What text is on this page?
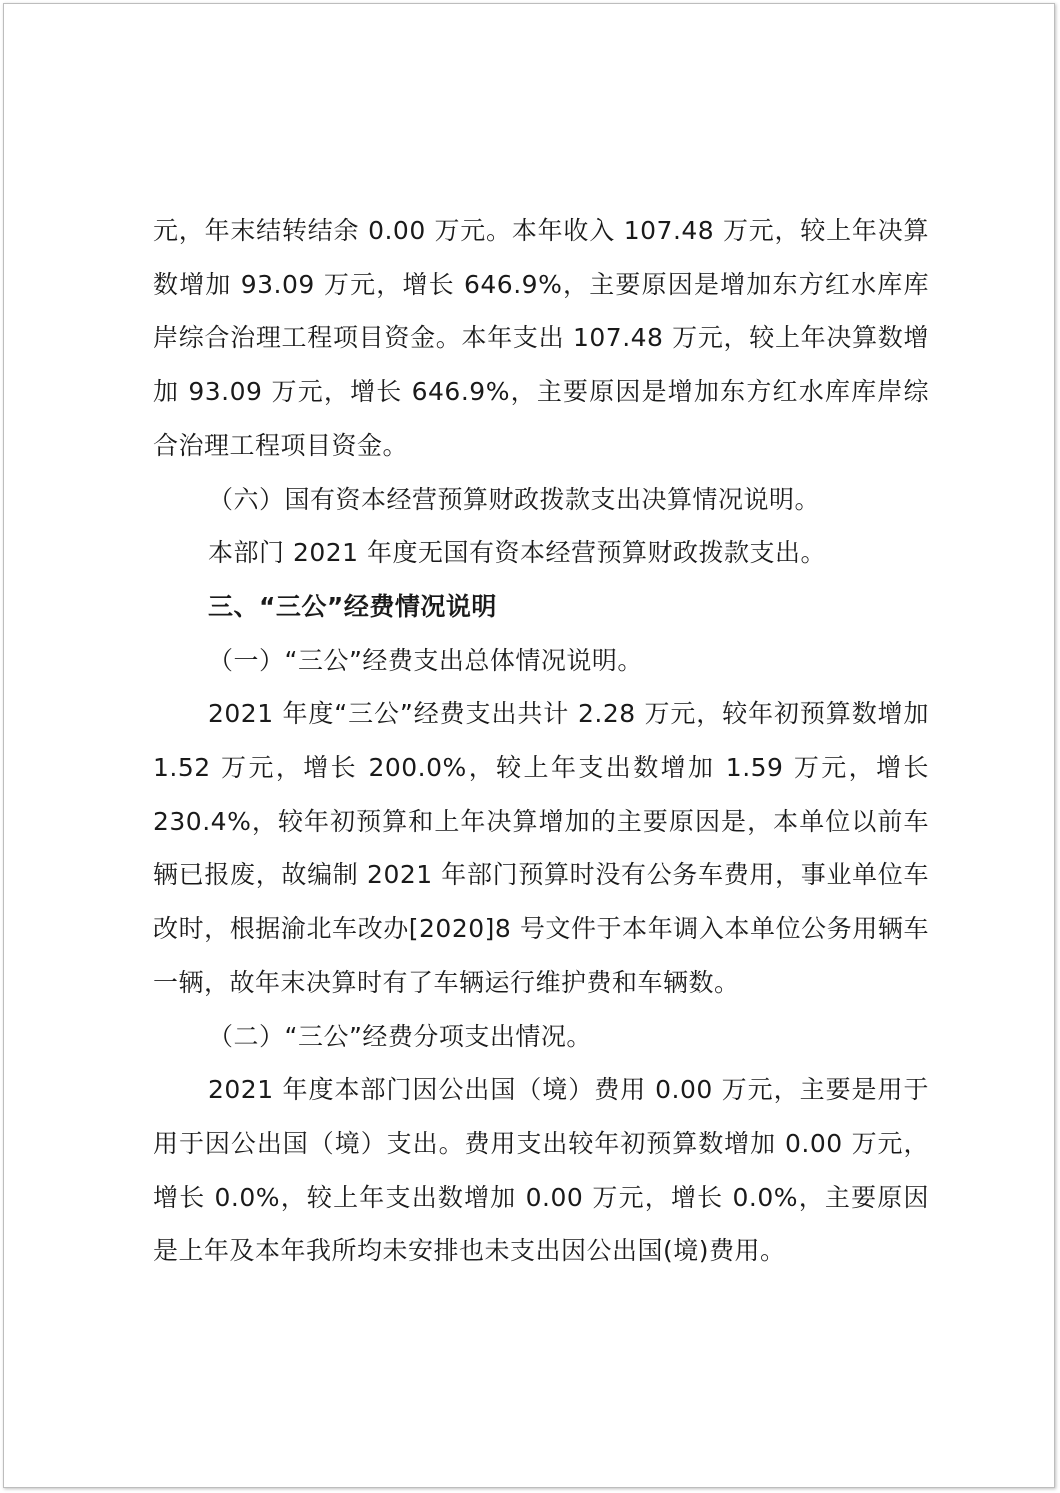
元，年末结转结余 0.00 万元。本年收入 107.48 万元，较上年决算数增加 93.09 万元，增长 646.9%，主要原因是增加东方红水库库岸综合治理工程项目资金。本年支出 107.48 万元，较上年决算数增加 93.09 万元，增长 646.9%，主要原因是增加东方红水库库岸综合治理工程项目资金。

（六）国有资本经营预算财政拨款支出决算情况说明。

本部门 2021 年度无国有资本经营预算财政拨款支出。

三、“三公”经费情况说明

（一）“三公”经费支出总体情况说明。

2021 年度“三公”经费支出共计 2.28 万元，较年初预算数增加 1.52 万元，增长 200.0%，较上年支出数增加 1.59 万元，增长 230.4%，较年初预算和上年决算增加的主要原因是，本单位以前车辆已报废，故编制 2021 年部门预算时没有公务车费用，事业单位车改时，根据渝北车改办[2020]8 号文件于本年调入本单位公务用辆车一辆，故年末决算时有了车辆运行维护费和车辆数。

（二）“三公”经费分项支出情况。

2021 年度本部门因公出国（境）费用 0.00 万元，主要是用于用于因公出国（境）支出。费用支出较年初预算数增加 0.00 万元，增长 0.0%，较上年支出数增加 0.00 万元，增长 0.0%，主要原因是上年及本年我所均未安排也未支出因公出国(境)费用。
